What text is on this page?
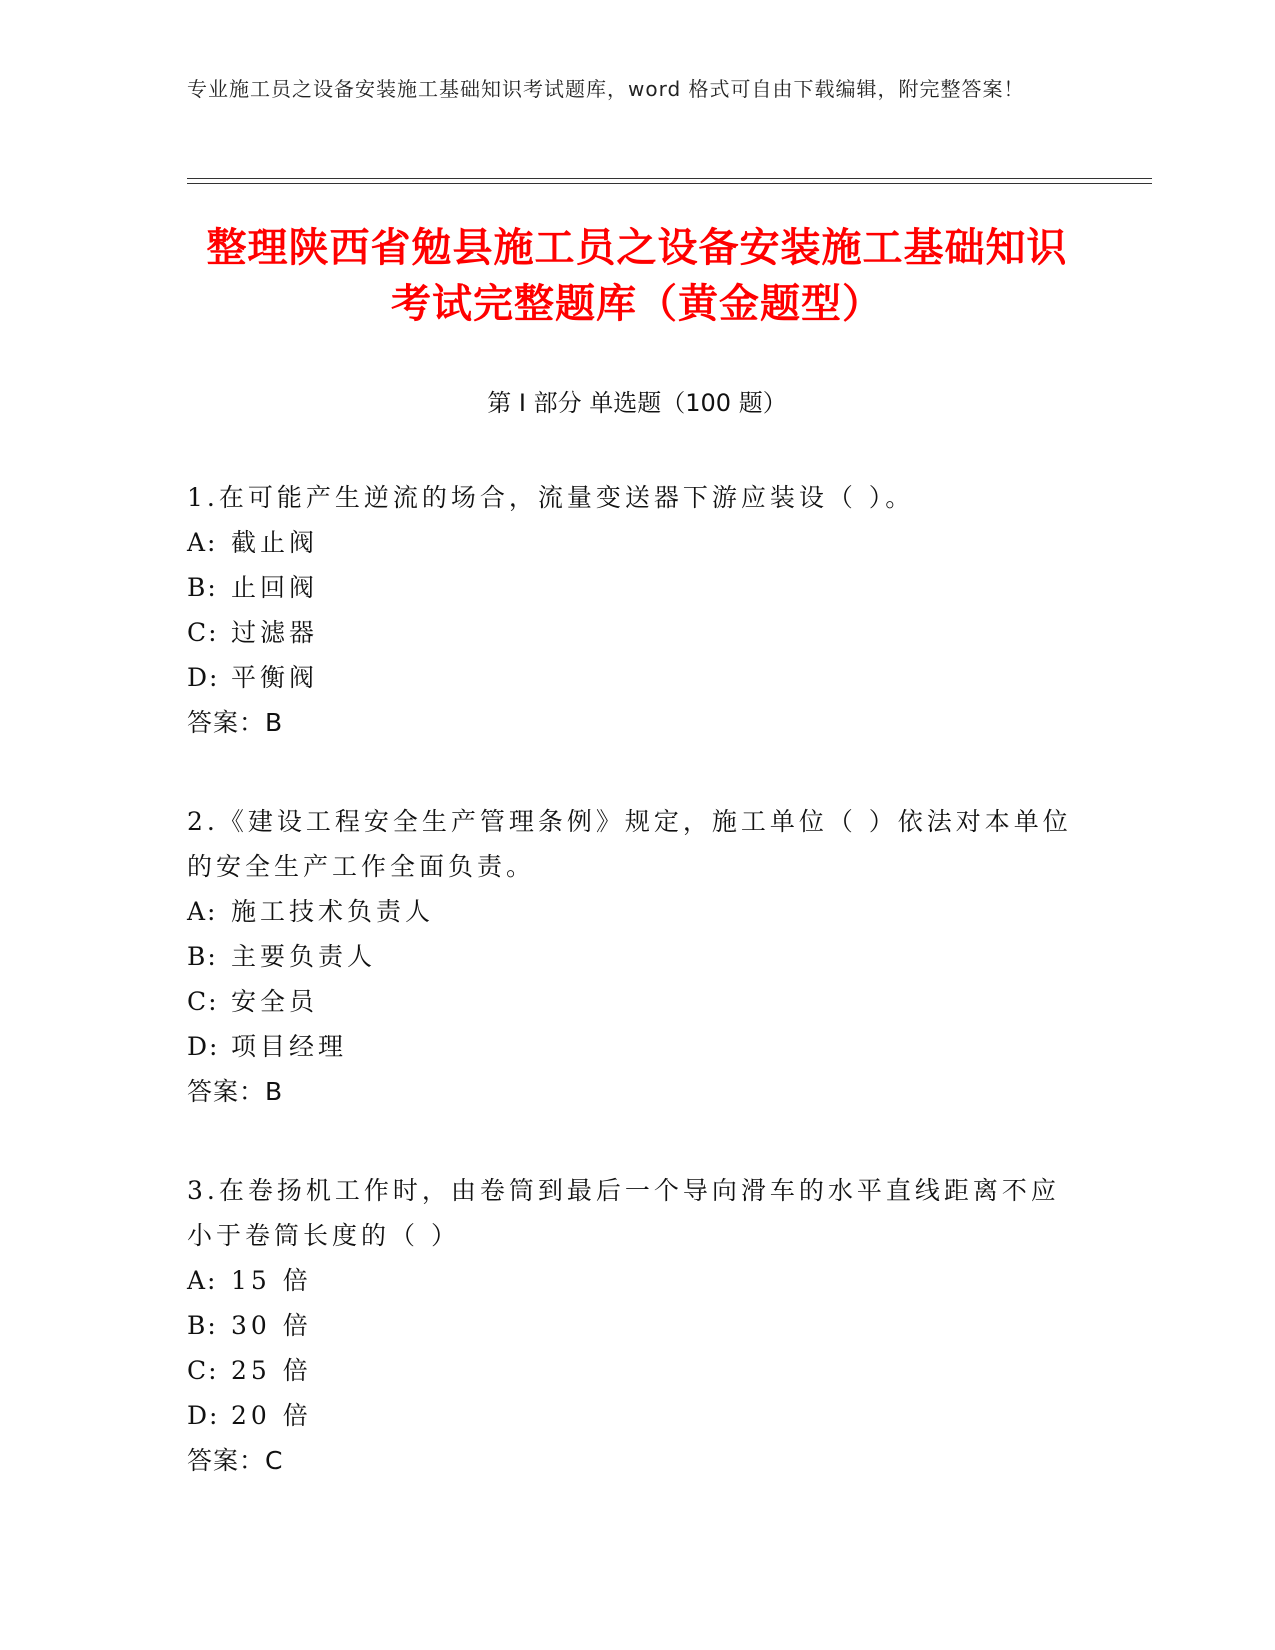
专业施工员之设备安装施工基础知识考试题库，word 格式可自由下载编辑，附完整答案！
整理陕西省勉县施工员之设备安装施工基础知识考试完整题库（黄金题型）
第 I 部分 单选题（100 题）

1.在可能产生逆流的场合，流量变送器下游应装设（ ）。

A: 截止阀

B: 止回阀

C: 过滤器

D: 平衡阀

答案：B

2.《建设工程安全生产管理条例》规定，施工单位（ ）依法对本单位的安全生产工作全面负责。

A: 施工技术负责人

B: 主要负责人

C: 安全员

D: 项目经理

答案：B

3.在卷扬机工作时，由卷筒到最后一个导向滑车的水平直线距离不应小于卷筒长度的（ ）

A: 15 倍

B: 30 倍

C: 25 倍

D: 20 倍

答案：C
